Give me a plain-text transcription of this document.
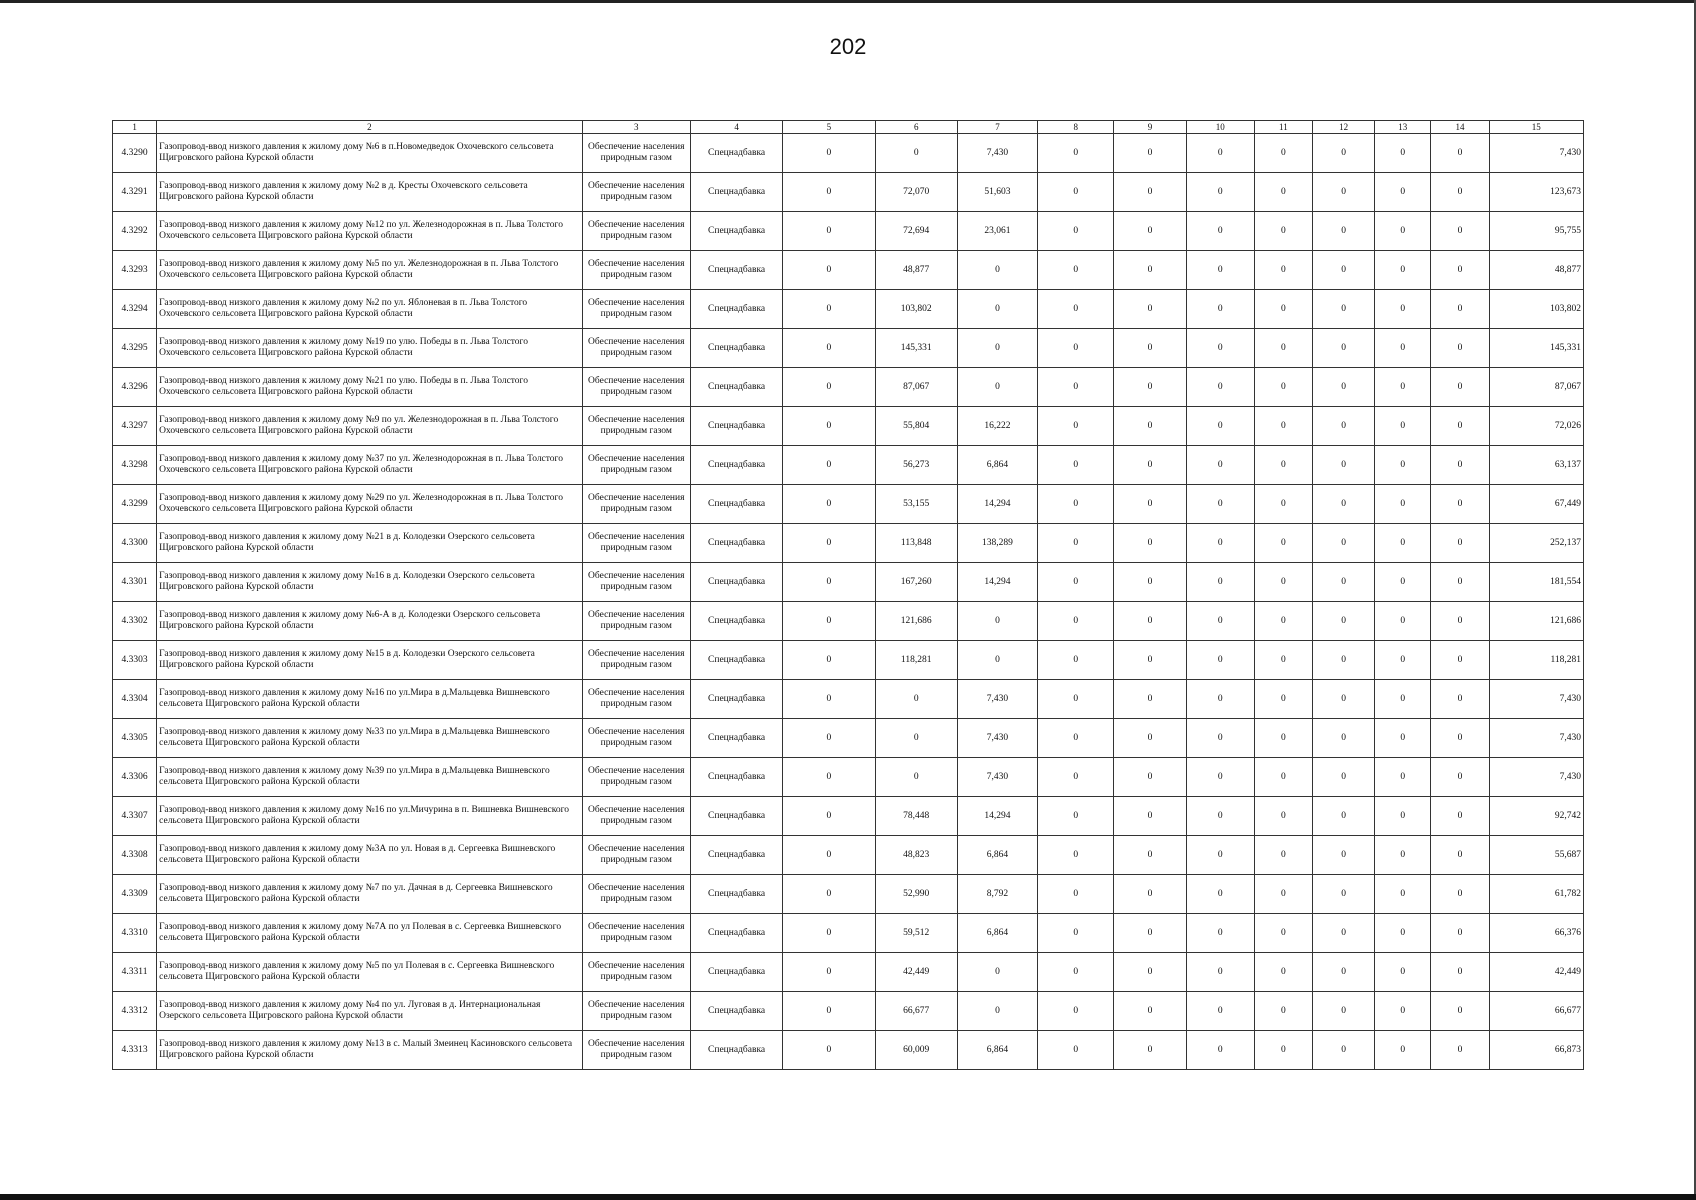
202
1	2	3	4	5	6	7	8	9	10	11	12	13	14	15
4.3290	Газопровод-ввод низкого давления к жилому дому №6 в п.Новомедведок Охочевского сельсовета Щигровского района Курской области	Обеспечение населения природным газом	Спецнадбавка	0	0	7,430	0	0	0	0	0	0	0	7,430
4.3291	Газопровод-ввод низкого давления к жилому дому №2 в д. Кресты Охочевского сельсовета Щигровского района Курской области	Обеспечение населения природным газом	Спецнадбавка	0	72,070	51,603	0	0	0	0	0	0	0	123,673
4.3292	Газопровод-ввод низкого давления к жилому дому №12 по ул. Железнодорожная в п. Льва Толстого Охочевского сельсовета Щигровского района Курской области	Обеспечение населения природным газом	Спецнадбавка	0	72,694	23,061	0	0	0	0	0	0	0	95,755
4.3293	Газопровод-ввод низкого давления к жилому дому №5 по ул. Железнодорожная в п. Льва Толстого Охочевского сельсовета Щигровского района Курской области	Обеспечение населения природным газом	Спецнадбавка	0	48,877	0	0	0	0	0	0	0	0	48,877
4.3294	Газопровод-ввод низкого давления к жилому дому №2 по ул. Яблоневая в п. Льва Толстого Охочевского сельсовета Щигровского района Курской области	Обеспечение населения природным газом	Спецнадбавка	0	103,802	0	0	0	0	0	0	0	0	103,802
4.3295	Газопровод-ввод низкого давления к жилому дому №19 по улю. Победы в п. Льва Толстого Охочевского сельсовета Щигровского района Курской области	Обеспечение населения природным газом	Спецнадбавка	0	145,331	0	0	0	0	0	0	0	0	145,331
4.3296	Газопровод-ввод низкого давления к жилому дому №21 по улю. Победы в п. Льва Толстого Охочевского сельсовета Щигровского района Курской области	Обеспечение населения природным газом	Спецнадбавка	0	87,067	0	0	0	0	0	0	0	0	87,067
4.3297	Газопровод-ввод низкого давления к жилому дому №9 по ул. Железнодорожная в п. Льва Толстого Охочевского сельсовета Щигровского района Курской области	Обеспечение населения природным газом	Спецнадбавка	0	55,804	16,222	0	0	0	0	0	0	0	72,026
4.3298	Газопровод-ввод низкого давления к жилому дому №37 по ул. Железнодорожная в п. Льва Толстого Охочевского сельсовета Щигровского района Курской области	Обеспечение населения природным газом	Спецнадбавка	0	56,273	6,864	0	0	0	0	0	0	0	63,137
4.3299	Газопровод-ввод низкого давления к жилому дому №29 по ул. Железнодорожная в п. Льва Толстого Охочевского сельсовета Щигровского района Курской области	Обеспечение населения природным газом	Спецнадбавка	0	53,155	14,294	0	0	0	0	0	0	0	67,449
4.3300	Газопровод-ввод низкого давления к жилому дому №21 в д. Колодезки Озерского сельсовета Щигровского района Курской области	Обеспечение населения природным газом	Спецнадбавка	0	113,848	138,289	0	0	0	0	0	0	0	252,137
4.3301	Газопровод-ввод низкого давления к жилому дому №16 в д. Колодезки Озерского сельсовета Щигровского района Курской области	Обеспечение населения природным газом	Спецнадбавка	0	167,260	14,294	0	0	0	0	0	0	0	181,554
4.3302	Газопровод-ввод низкого давления к жилому дому №6-А в д. Колодезки Озерского сельсовета Щигровского района Курской области	Обеспечение населения природным газом	Спецнадбавка	0	121,686	0	0	0	0	0	0	0	0	121,686
4.3303	Газопровод-ввод низкого давления к жилому дому №15 в д. Колодезки Озерского сельсовета Щигровского района Курской области	Обеспечение населения природным газом	Спецнадбавка	0	118,281	0	0	0	0	0	0	0	0	118,281
4.3304	Газопровод-ввод низкого давления к жилому дому №16 по ул.Мира в д.Мальцевка Вишневского сельсовета Щигровского района Курской области	Обеспечение населения природным газом	Спецнадбавка	0	0	7,430	0	0	0	0	0	0	0	7,430
4.3305	Газопровод-ввод низкого давления к жилому дому №33 по ул.Мира в д.Мальцевка Вишневского сельсовета Щигровского района Курской области	Обеспечение населения природным газом	Спецнадбавка	0	0	7,430	0	0	0	0	0	0	0	7,430
4.3306	Газопровод-ввод низкого давления к жилому дому №39 по ул.Мира в д.Мальцевка Вишневского сельсовета Щигровского района Курской области	Обеспечение населения природным газом	Спецнадбавка	0	0	7,430	0	0	0	0	0	0	0	7,430
4.3307	Газопровод-ввод низкого давления к жилому дому №16 по ул.Мичурина в п. Вишневка Вишневского сельсовета Щигровского района Курской области	Обеспечение населения природным газом	Спецнадбавка	0	78,448	14,294	0	0	0	0	0	0	0	92,742
4.3308	Газопровод-ввод низкого давления к жилому дому №3А по ул. Новая в д. Сергеевка Вишневского сельсовета Щигровского района Курской области	Обеспечение населения природным газом	Спецнадбавка	0	48,823	6,864	0	0	0	0	0	0	0	55,687
4.3309	Газопровод-ввод низкого давления к жилому дому №7 по ул. Дачная в д. Сергеевка Вишневского сельсовета Щигровского района Курской области	Обеспечение населения природным газом	Спецнадбавка	0	52,990	8,792	0	0	0	0	0	0	0	61,782
4.3310	Газопровод-ввод низкого давления к жилому дому №7А по ул Полевая в с. Сергеевка Вишневского сельсовета Щигровского района Курской области	Обеспечение населения природным газом	Спецнадбавка	0	59,512	6,864	0	0	0	0	0	0	0	66,376
4.3311	Газопровод-ввод низкого давления к жилому дому №5 по ул Полевая в с. Сергеевка Вишневского сельсовета Щигровского района Курской области	Обеспечение населения природным газом	Спецнадбавка	0	42,449	0	0	0	0	0	0	0	0	42,449
4.3312	Газопровод-ввод низкого давления к жилому дому №4 по ул. Луговая в д. Интернациональная Озерского сельсовета Щигровского района Курской области	Обеспечение населения природным газом	Спецнадбавка	0	66,677	0	0	0	0	0	0	0	0	66,677
4.3313	Газопровод-ввод низкого давления к жилому дому №13 в с. Малый Змеинец Касиновского сельсовета Щигровского района Курской области	Обеспечение населения природным газом	Спецнадбавка	0	60,009	6,864	0	0	0	0	0	0	0	66,873
